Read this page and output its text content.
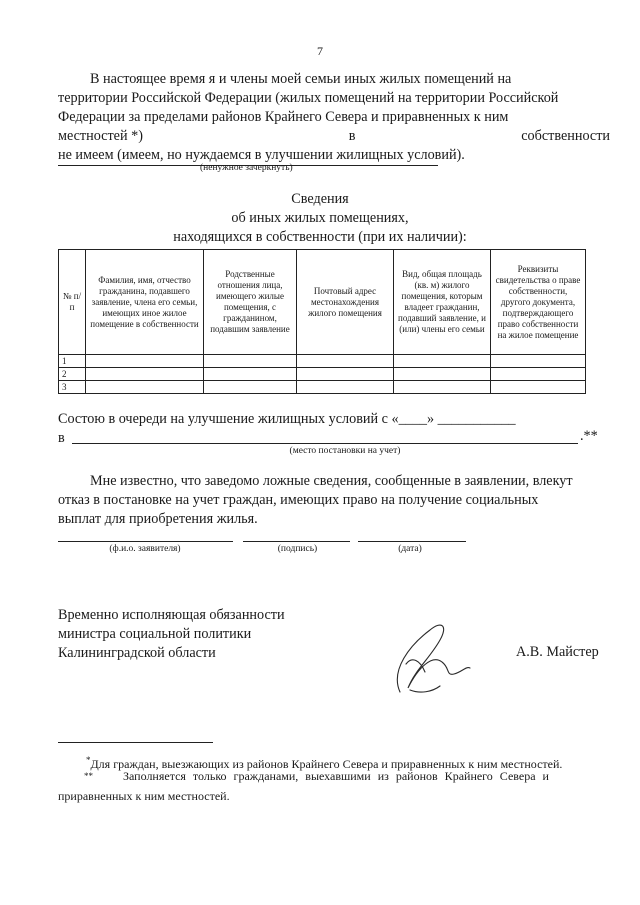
7
В настоящее время я и члены моей семьи иных жилых помещений на
территории Российской Федерации (жилых помещений на территории Российской
Федерации за пределами районов Крайнего Севера и приравненных к ним
местностей *)	в	собственности
не имеем (имеем, но нуждаемся в улучшении жилищных условий).
(ненужное зачеркнуть)
Сведения
об иных жилых помещениях,
находящихся в собственности (при их наличии):
№ п/п	Фамилия, имя, отчество гражданина, подавшего заявление, члена его семьи, имеющих иное жилое помещение в собственности	Родственные отношения лица, имеющего жилые помещения, с гражданином, подавшим заявление	Почтовый адрес местонахождения жилого помещения	Вид, общая площадь (кв. м) жилого помещения, которым владеет гражданин, подавший заявление, и (или) члены его семьи	Реквизиты свидетельства о праве собственности, другого документа, подтверждающего право собственности на жилое помещение
1					
2					
3					
Состою в очереди на улучшение жилищных условий с «____» ___________
в	.**
(место постановки на учет)
Мне известно, что заведомо ложные сведения, сообщенные в заявлении, влекут
отказ в постановке на учет граждан, имеющих право на получение социальных
выплат для приобретения жилья.
(ф.и.о. заявителя)	(подпись)	(дата)
Временно исполняющая обязанности
министра социальной политики
Калининградской области	А.В. Майстер
*Для граждан, выезжающих из районов Крайнего Севера и приравненных к ним местностей.
**	Заполняется только гражданами, выехавшими из районов Крайнего Севера и
приравненных к ним местностей.
